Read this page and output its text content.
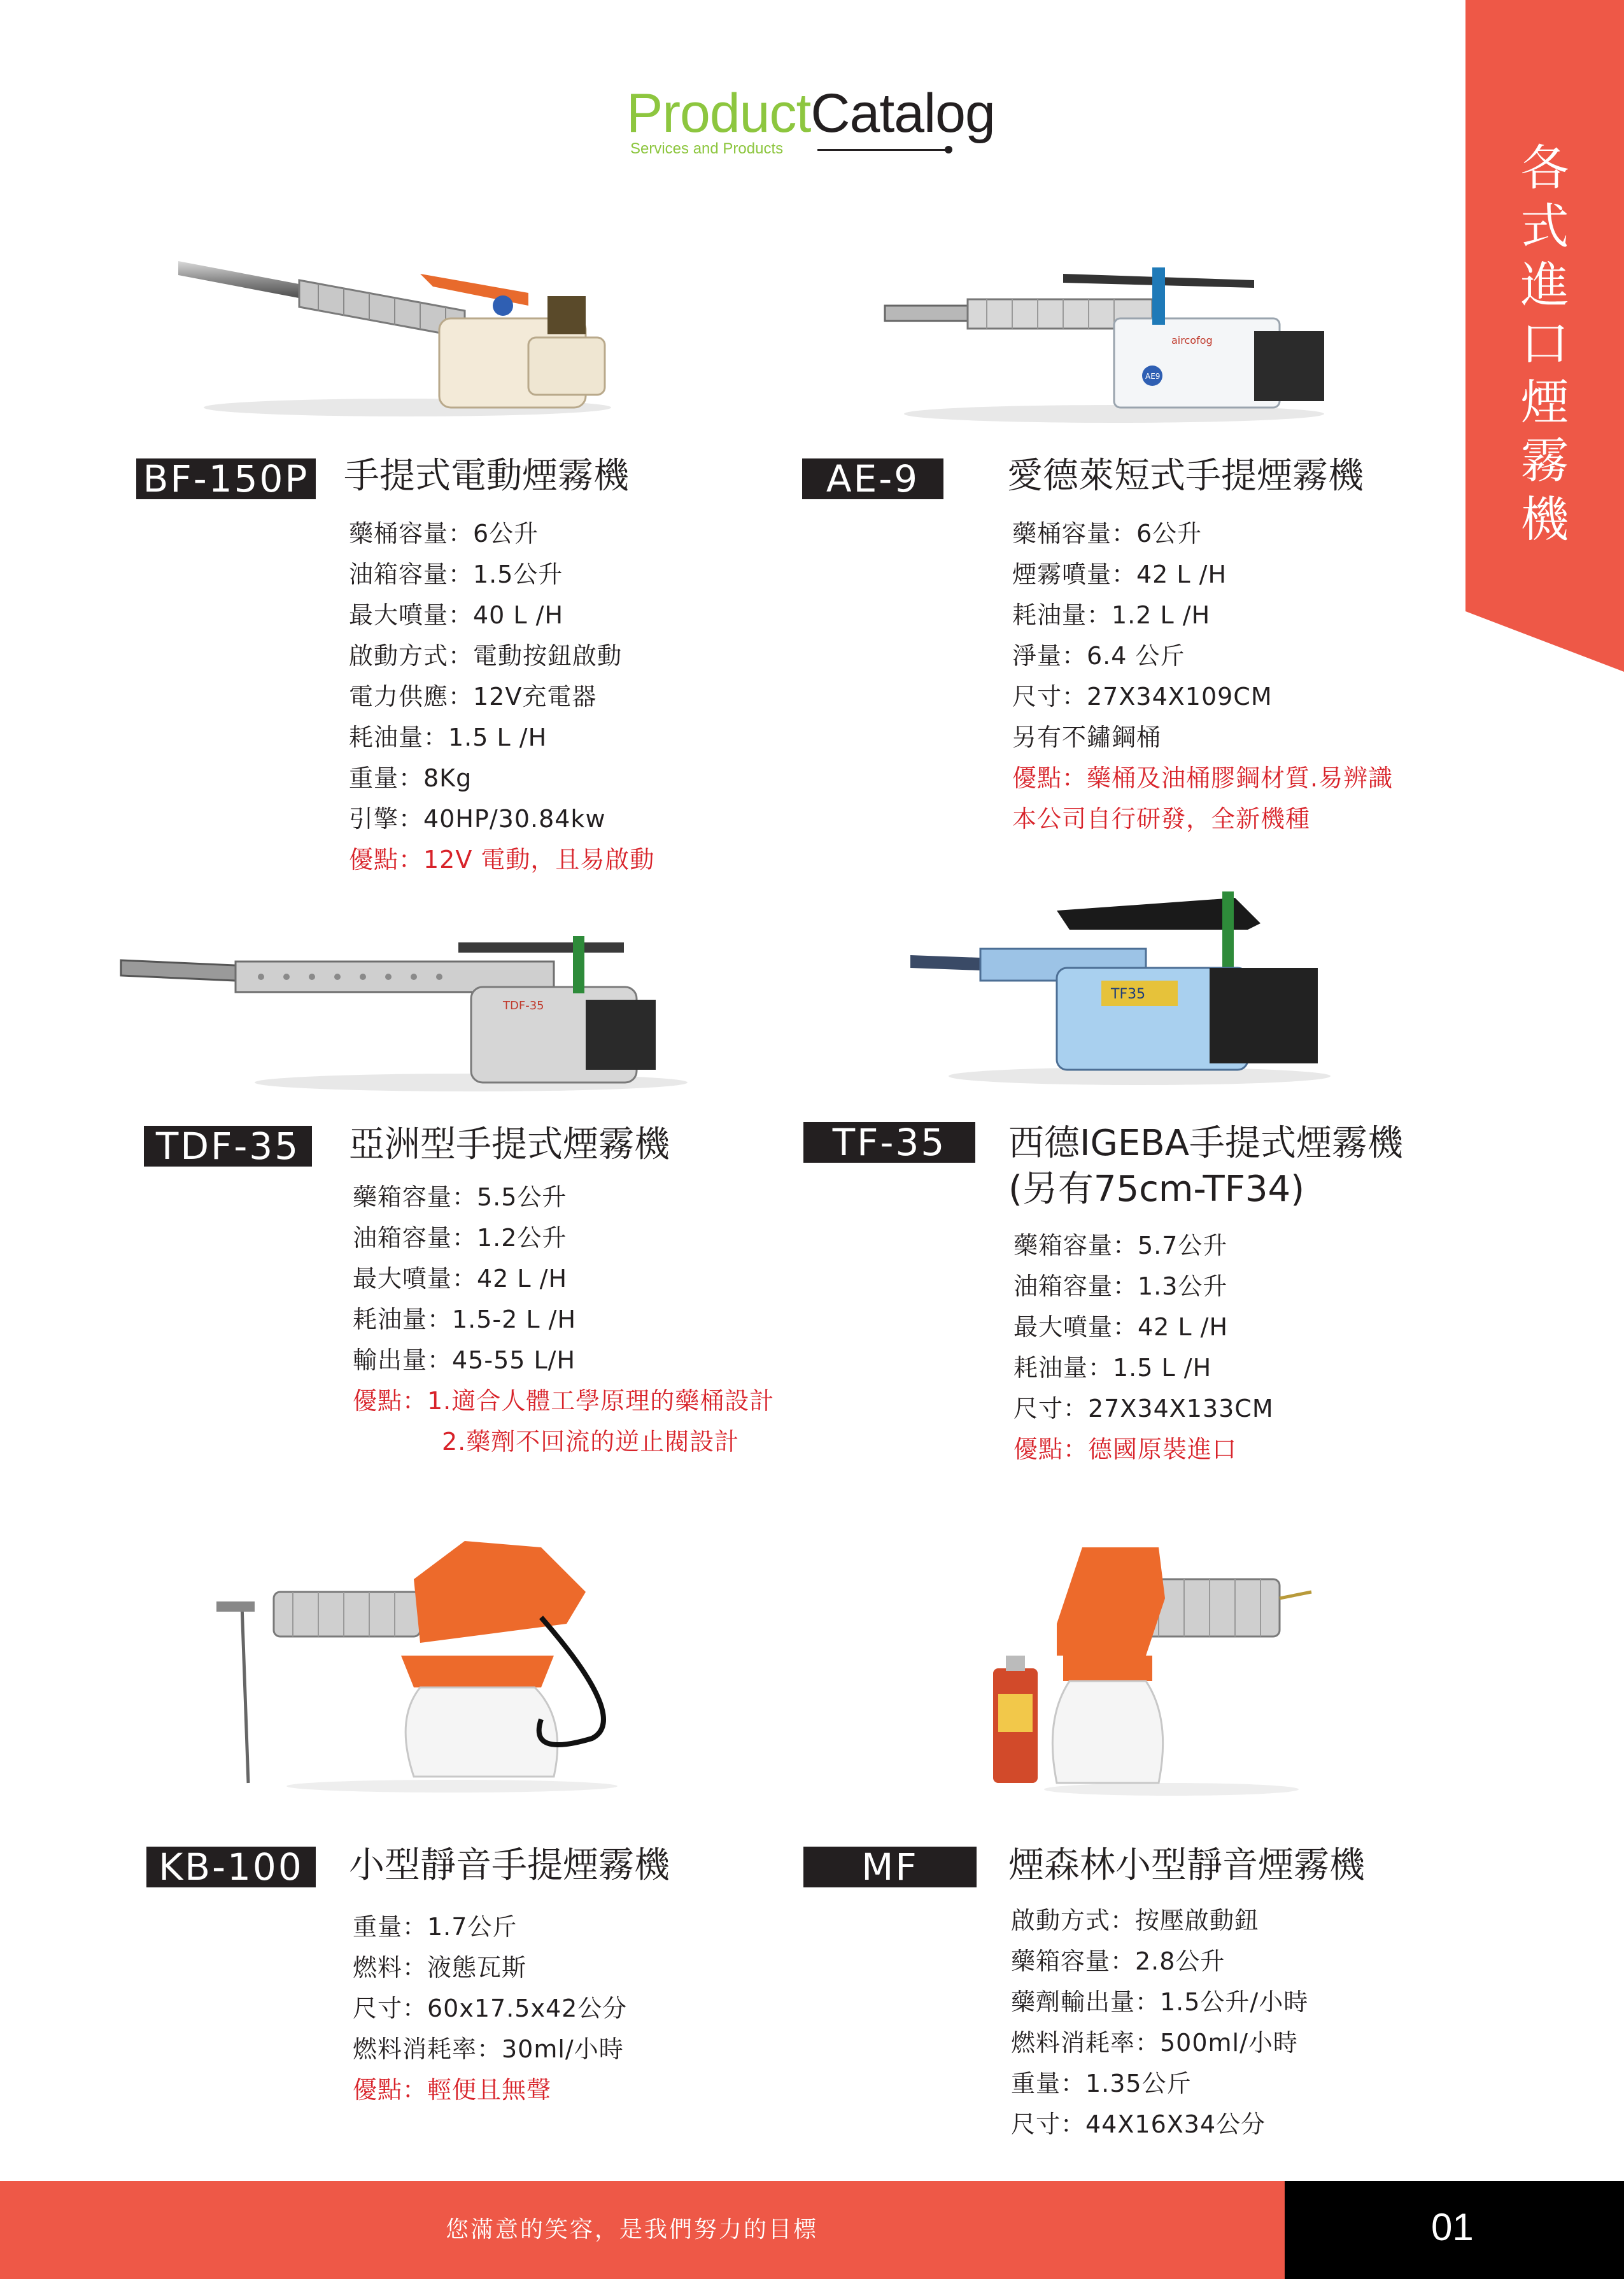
ProductCatalog
Services and Products	各
式
進
口
煙
霧
機
BF-150P 手提式電動煙霧機
藥桶容量：6公升
油箱容量：1.5公升
最大噴量：40 L /H
啟動方式：電動按鈕啟動
電力供應：12V充電器
耗油量：1.5 L /H
重量：8Kg
引擎：40HP/30.84kw
優點：12V 電動，且易啟動
aircofog
AE9
AE-9	愛德萊短式手提煙霧機
藥桶容量：6公升
煙霧噴量：42 L /H
耗油量：1.2 L /H
淨量：6.4 公斤
尺寸：27X34X109CM
另有不鏽鋼桶
優點：藥桶及油桶膠鋼材質.易辨識
本公司自行研發，全新機種
TDF-35
TDF-35	亞洲型手提式煙霧機
藥箱容量：5.5公升
油箱容量：1.2公升
最大噴量：42 L /H
耗油量：1.5-2 L /H
輸出量：45-55 L/H
優點：1.適合人體工學原理的藥桶設計
2.藥劑不回流的逆止閥設計
TF35
TF-35	西德IGEBA手提式煙霧機
(另有75cm-TF34)
藥箱容量：5.7公升
油箱容量：1.3公升
最大噴量：42 L /H
耗油量：1.5 L /H
尺寸：27X34X133CM
優點：德國原裝進口
KB-100	小型靜音手提煙霧機
重量：1.7公斤
燃料：液態瓦斯
尺寸：60x17.5x42公分
燃料消耗率：30ml/小時
優點：輕便且無聲
MF	煙森林小型靜音煙霧機
啟動方式：按壓啟動鈕
藥箱容量：2.8公升
藥劑輸出量：1.5公升/小時
燃料消耗率：500ml/小時
重量：1.35公斤
尺寸：44X16X34公分
您滿意的笑容，是我們努力的目標	01
